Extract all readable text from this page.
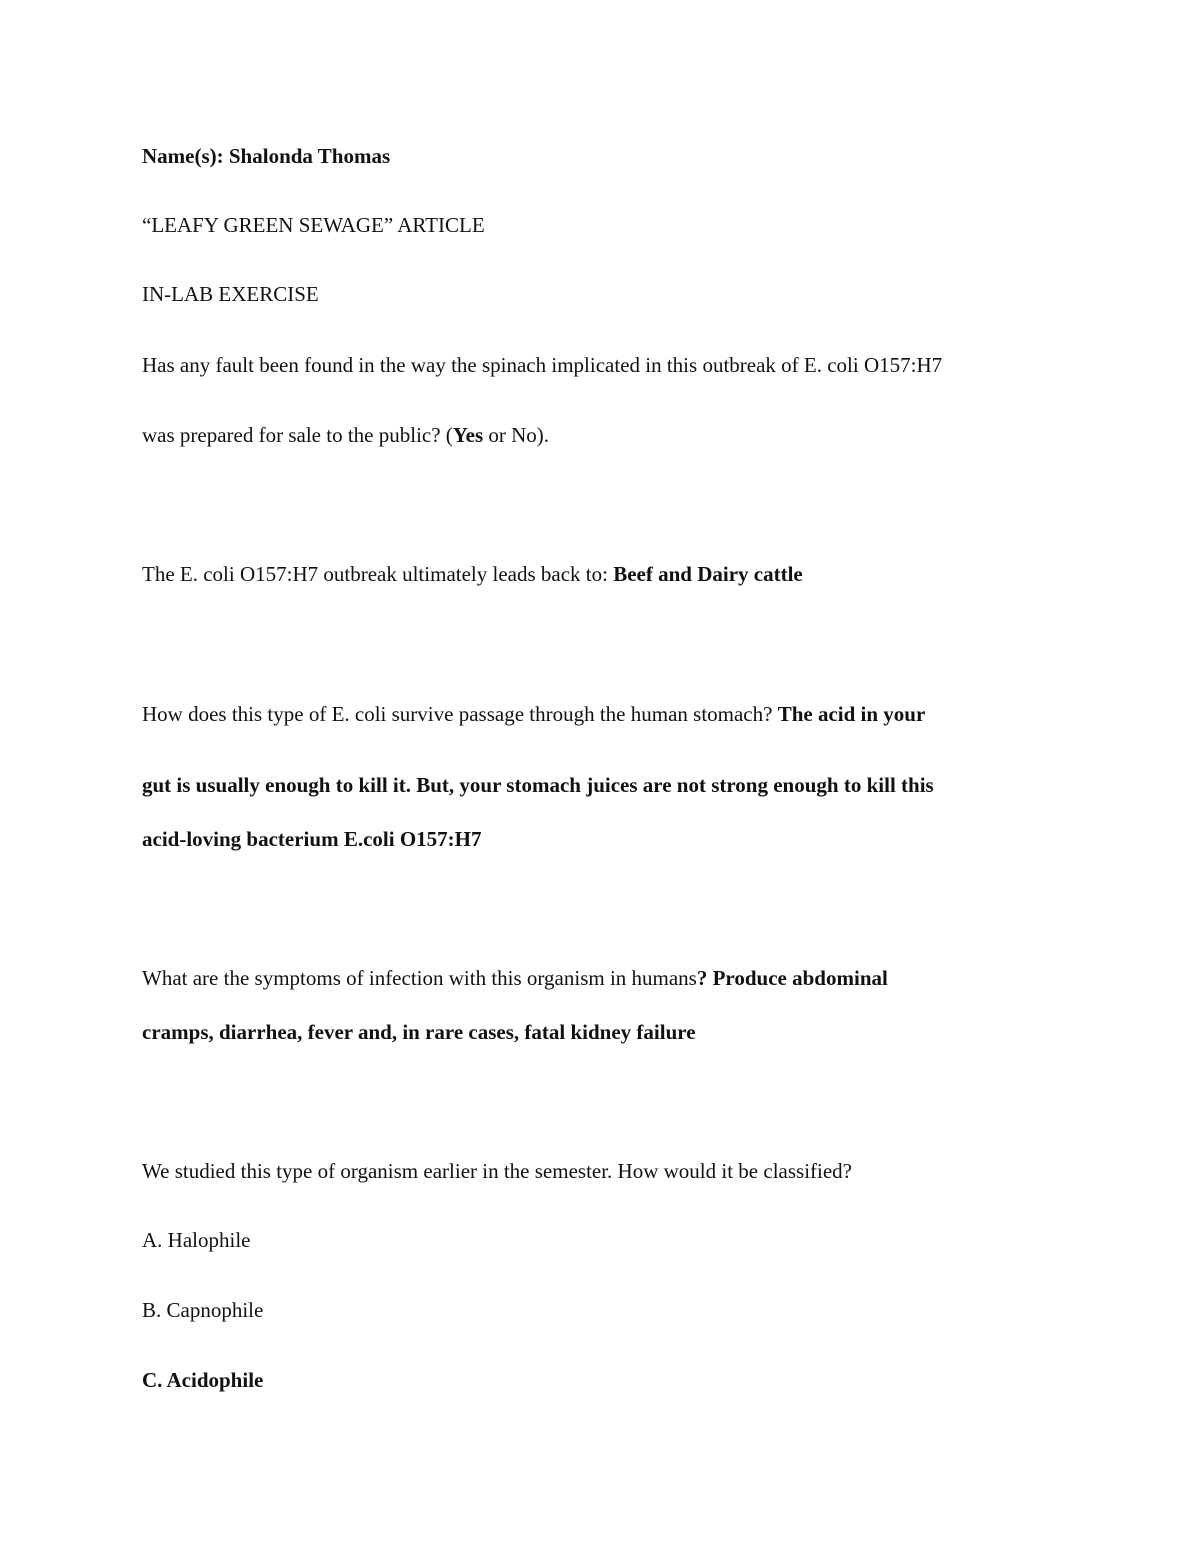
Name(s): Shalonda Thomas
“LEAFY GREEN SEWAGE” ARTICLE
IN-LAB EXERCISE
Has any fault been found in the way the spinach implicated in this outbreak of E. coli O157:H7
was prepared for sale to the public? (Yes or No).
The E. coli O157:H7 outbreak ultimately leads back to: Beef and Dairy cattle
How does this type of E. coli survive passage through the human stomach? The acid in your
gut is usually enough to kill it. But, your stomach juices are not strong enough to kill this
acid-loving bacterium E.coli O157:H7
What are the symptoms of infection with this organism in humans? Produce abdominal
cramps, diarrhea, fever and, in rare cases, fatal kidney failure
We studied this type of organism earlier in the semester. How would it be classified?
A. Halophile
B. Capnophile
C. Acidophile
